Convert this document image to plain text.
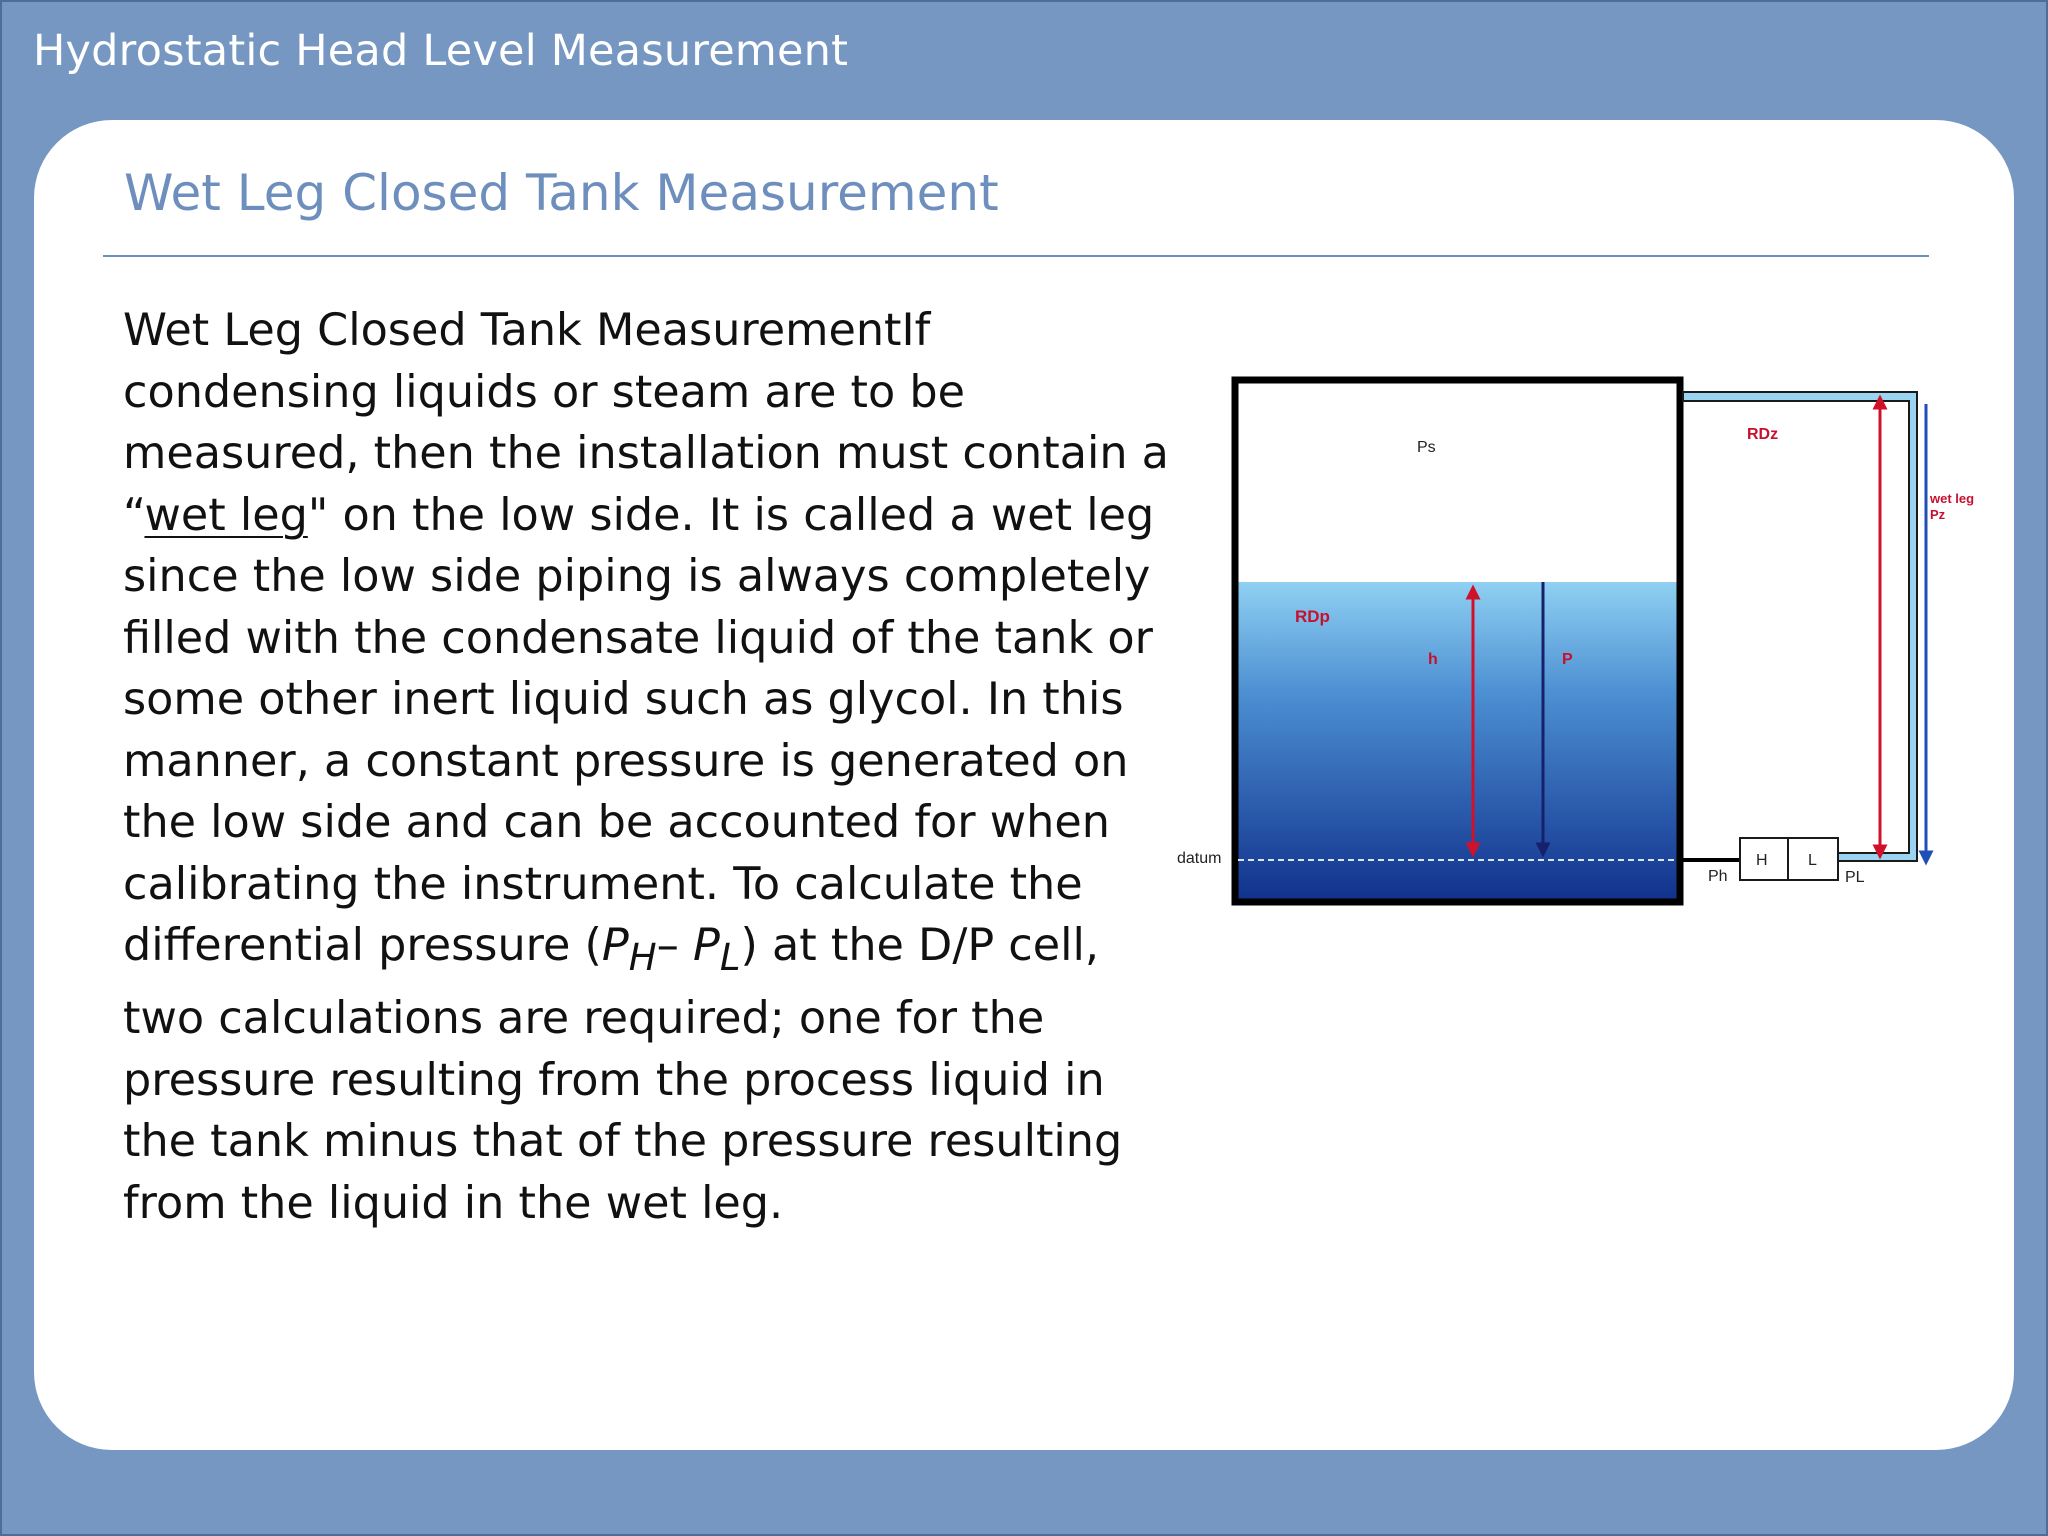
Hydrostatic Head Level Measurement
Wet Leg Closed Tank Measurement
Wet Leg Closed Tank MeasurementIf
condensing liquids or steam are to be
measured, then the installation must contain a
“wet leg" on the low side. It is called a wet leg
since the low side piping is always completely
filled with the condensate liquid of the tank or
some other inert liquid such as glycol. In this
manner, a constant pressure is generated on
the low side and can be accounted for when
calibrating the instrument. To calculate the
differential pressure ($P_H-$ $P_L$) at the D/P cell,
two calculations are required; one for the
pressure resulting from the process liquid in
the tank minus that of the pressure resulting
from the liquid in the wet leg.
Ps
RDz
wet leg
Pz
RDp
h	P
datum	H	L
Ph	PL
